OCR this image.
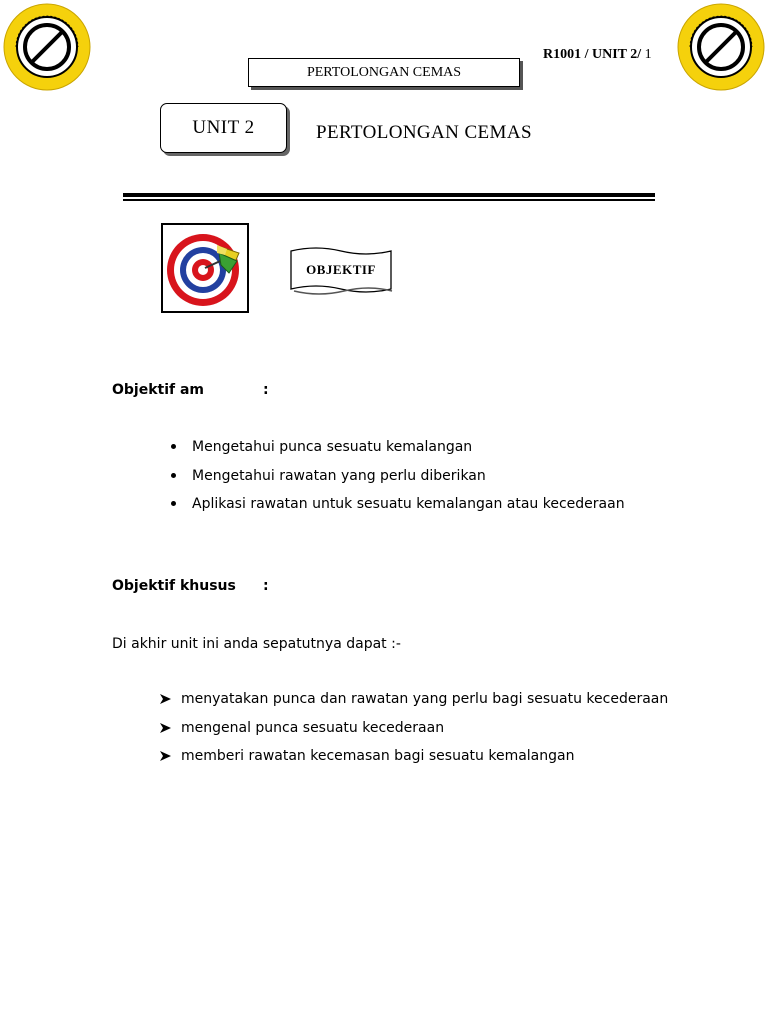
R1001 / UNIT 2/ 1
PERTOLONGAN CEMAS
UNIT 2	PERTOLONGAN CEMAS
OBJEKTIF
Objektif am	:
Mengetahui punca sesuatu kemalangan
Mengetahui rawatan yang perlu diberikan
Aplikasi rawatan untuk sesuatu kemalangan atau kecederaan
Objektif khusus :
Di akhir unit ini anda sepatutnya dapat :-
menyatakan punca dan rawatan yang perlu bagi sesuatu kecederaan
mengenal punca sesuatu kecederaan
memberi rawatan kecemasan bagi sesuatu kemalangan
